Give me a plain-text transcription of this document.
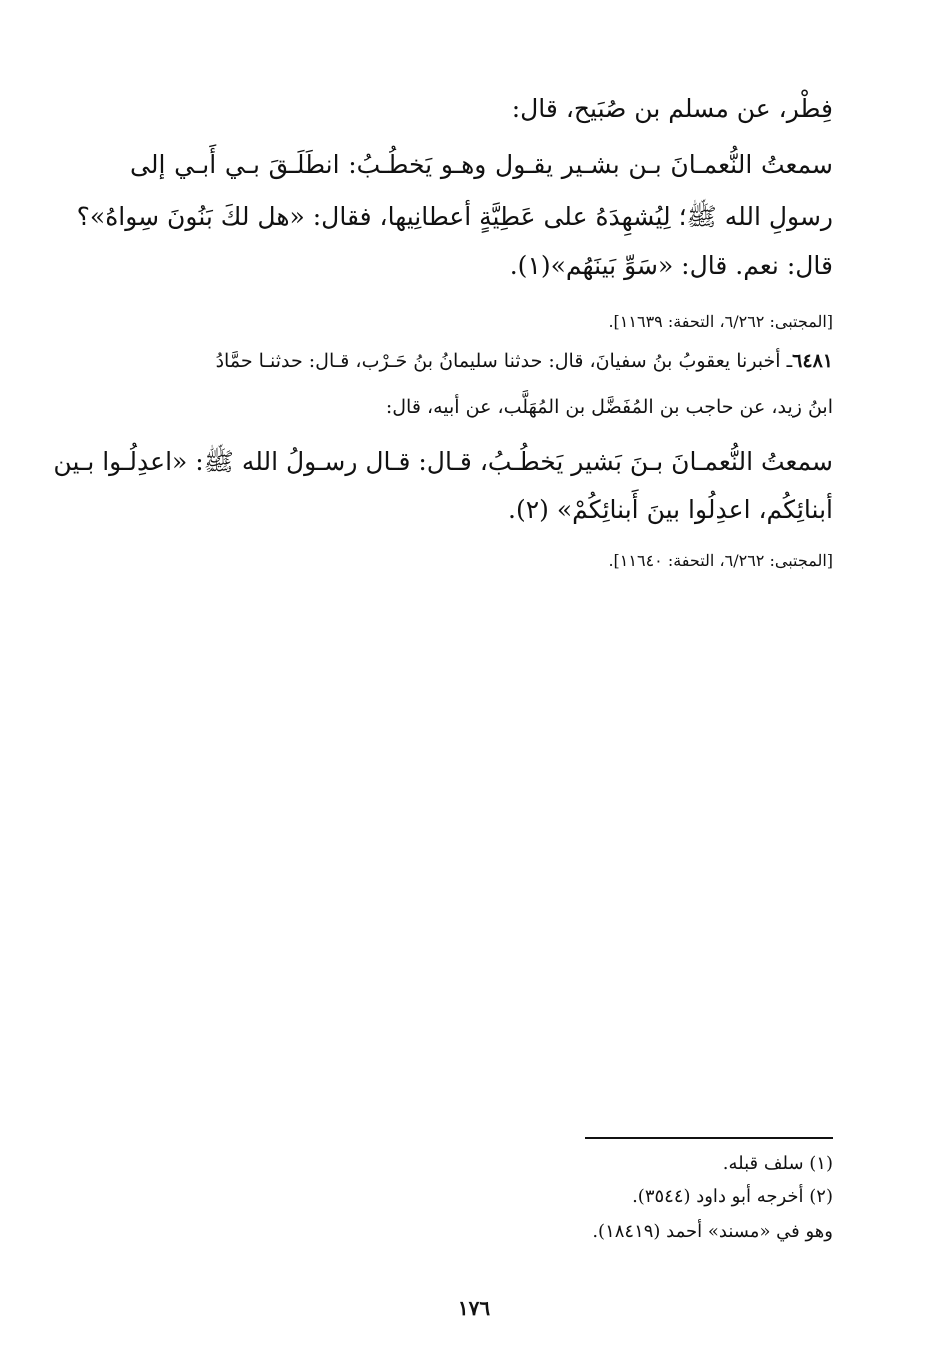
فِطْر، عن مسلم بن صُبَيح، قال:
سمعتُ النُّعمـانَ بـن بشـير يقـول وهـو يَخطُـبُ: انطَلَـقَ بـي أَبـي إلى
رسولِ الله ﷺ؛ لِيُشهِدَهُ على عَطِيَّةٍ أعطانِيها، فقال: «هل لكَ بَنُونَ سِواهُ»؟
قال: نعم. قال: «سَوِّ بَينَهُم»(١).
[المجتبى: ٦/٢٦٢، التحفة: ١١٦٣٩].
٦٤٨١ـ أخبرنا يعقوبُ بنُ سفيانَ، قال: حدثنا سليمانُ بنُ حَـرْب، قـال: حدثنـا حمَّادُ
ابنُ زيد، عن حاجب بن المُفَضَّل بن المُهَلَّب، عن أبيه، قال:
سمعتُ النُّعمـانَ بـنَ بَشير يَخطُـبُ، قـال: قـال رسـولُ الله ﷺ: «اعدِلُـوا بـين
أبنائِكُم، اعدِلُوا بينَ أَبنائِكُمْ» (٢).
[المجتبى: ٦/٢٦٢، التحفة: ١١٦٤٠].
(١) سلف قبله.
(٢) أخرجه أبو داود (٣٥٤٤).
وهو في «مسند» أحمد (١٨٤١٩).
١٧٦
